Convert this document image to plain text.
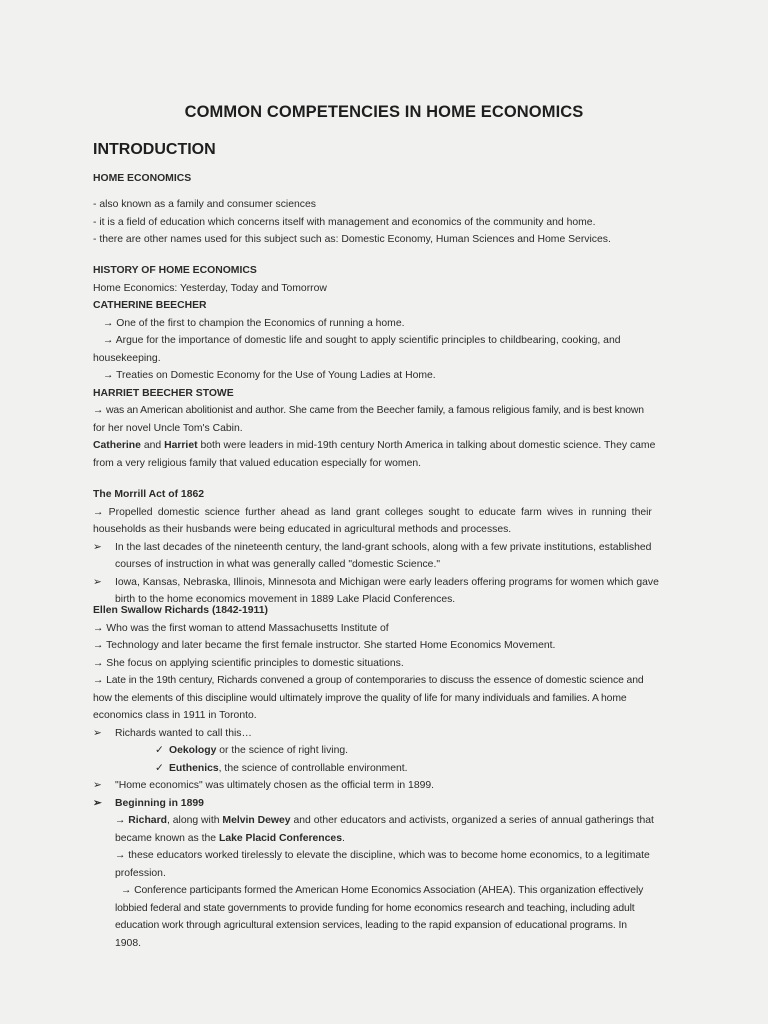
COMMON COMPETENCIES IN HOME ECONOMICS
INTRODUCTION
HOME ECONOMICS
- also known as a family and consumer sciences
- it is a field of education which concerns itself with management and economics of the community and home.
- there are other names used for this subject such as: Domestic Economy, Human Sciences and Home Services.
HISTORY OF HOME ECONOMICS
Home Economics: Yesterday, Today and Tomorrow
CATHERINE BEECHER
→ One of the first to champion the Economics of running a home.
→ Argue for the importance of domestic life and sought to apply scientific principles to childbearing, cooking, and
housekeeping.
→ Treaties on Domestic Economy for the Use of Young Ladies at Home.
HARRIET BEECHER STOWE
→ was an American abolitionist and author. She came from the Beecher family, a famous religious family, and is best known
for her novel Uncle Tom's Cabin.
Catherine and Harriet both were leaders in mid-19th century North America in talking about domestic science. They came
from a very religious family that valued education especially for women.
The Morrill Act of 1862
→ Propelled domestic science further ahead as land grant colleges sought to educate farm wives in running their
households as their husbands were being educated in agricultural methods and processes.
➢ In the last decades of the nineteenth century, the land-grant schools, along with a few private institutions, established
courses of instruction in what was generally called "domestic Science."
➢ Iowa, Kansas, Nebraska, Illinois, Minnesota and Michigan were early leaders offering programs for women which gave
birth to the home economics movement in 1889 Lake Placid Conferences.
Ellen Swallow Richards (1842-1911)
→ Who was the first woman to attend Massachusetts Institute of
→ Technology and later became the first female instructor. She started Home Economics Movement.
→ She focus on applying scientific principles to domestic situations.
→ Late in the 19th century, Richards convened a group of contemporaries to discuss the essence of domestic science and
how the elements of this discipline would ultimately improve the quality of life for many individuals and families. A home
economics class in 1911 in Toronto.
➢ Richards wanted to call this…
✓ Oekology or the science of right living.
✓ Euthenics, the science of controllable environment.
➢ "Home economics" was ultimately chosen as the official term in 1899.
➢ Beginning in 1899
→ Richard, along with Melvin Dewey and other educators and activists, organized a series of annual gatherings that
became known as the Lake Placid Conferences.
→ these educators worked tirelessly to elevate the discipline, which was to become home economics, to a legitimate
profession.
→ Conference participants formed the American Home Economics Association (AHEA). This organization effectively
lobbied federal and state governments to provide funding for home economics research and teaching, including adult
education work through agricultural extension services, leading to the rapid expansion of educational programs. In
1908.
